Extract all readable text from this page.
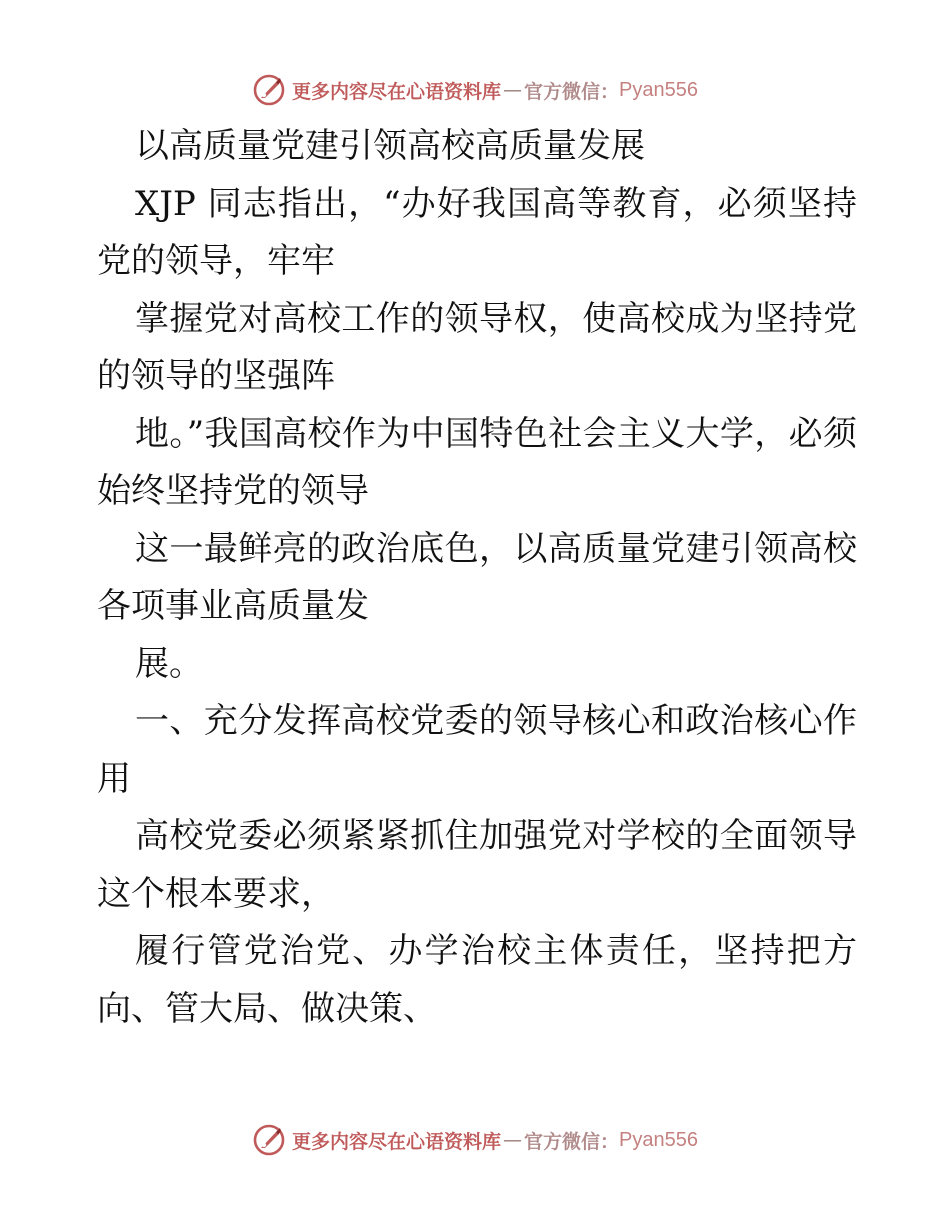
更多内容尽在心语资料库 — 官方微信： Pyan556

以高质量党建引领高校高质量发展

XJP 同志指出，“办好我国高等教育，必须坚持党的领导，牢牢

掌握党对高校工作的领导权，使高校成为坚持党的领导的坚强阵

地。”我国高校作为中国特色社会主义大学，必须始终坚持党的领导

这一最鲜亮的政治底色，以高质量党建引领高校各项事业高质量发

展。

一、充分发挥高校党委的领导核心和政治核心作用

高校党委必须紧紧抓住加强党对学校的全面领导这个根本要求，

履行管党治党、办学治校主体责任，坚持把方向、管大局、做决策、

更多内容尽在心语资料库 — 官方微信： Pyan556
